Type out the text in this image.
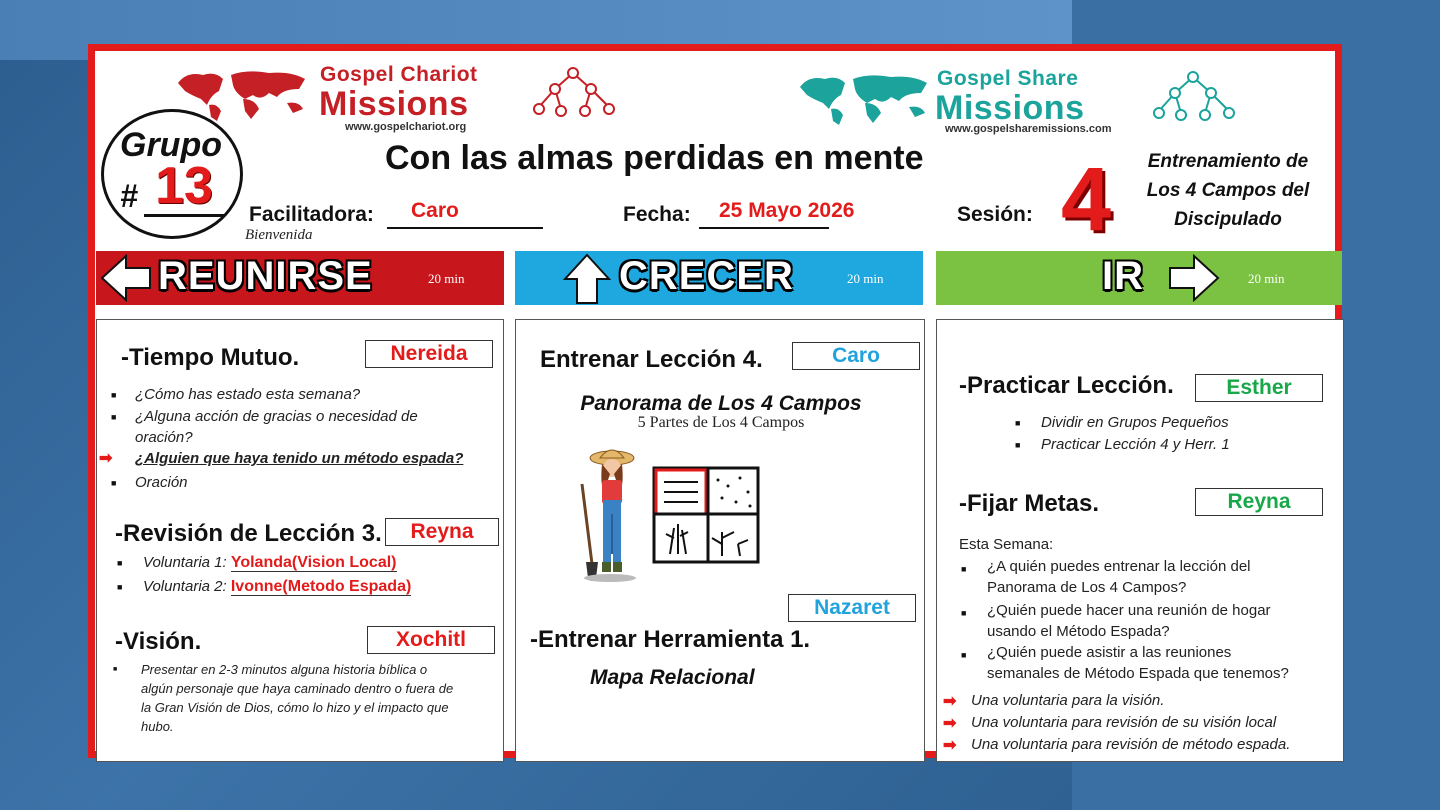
Gospel Chariot
Missions
www.gospelchariot.org
Gospel Share
Missions
www.gospelsharemissions.com
Grupo
# 13	Con las almas perdidas en mente
Facilitadora:	Caro
Bienvenida
Fecha:	25 Mayo 2026	Sesión: 4	Entrenamiento de
Los 4 Campos del
Discipulado
REUNIRSE	20 min	CRECER	20 min	IR	20 min
-Tiempo Mutuo.	Nereida
■ ¿Cómo has estado esta semana?
■ ¿Alguna acción de gracias o necesidad de
oración?
➡ ¿Alguien que haya tenido un método espada?
■ Oración
-Revisión de Lección 3.	Reyna
■ Voluntaria 1: Yolanda(Vision Local)
■ Voluntaria 2: Ivonne(Metodo Espada)
-Visión.	Xochitl
■ Presentar en 2-3 minutos alguna historia bíblica o
algún personaje que haya caminado dentro o fuera de
la Gran Visión de Dios, cómo lo hizo y el impacto que
hubo.
Entrenar Lección 4.	Caro
Panorama de Los 4 Campos
5 Partes de Los 4 Campos
Nazaret
-Entrenar Herramienta 1.
Mapa Relacional
-Practicar Lección.	Esther
■ Dividir en Grupos Pequeños
■ Practicar Lección 4 y Herr. 1
-Fijar Metas.	Reyna
Esta Semana:
■ ¿A quién puedes entrenar la lección del
Panorama de Los 4 Campos?
■ ¿Quién puede hacer una reunión de hogar
usando el Método Espada?
■ ¿Quién puede asistir a las reuniones
semanales de Método Espada que tenemos?
➡ Una voluntaria para la visión.
➡ Una voluntaria para revisión de su visión local
➡ Una voluntaria para revisión de método espada.
